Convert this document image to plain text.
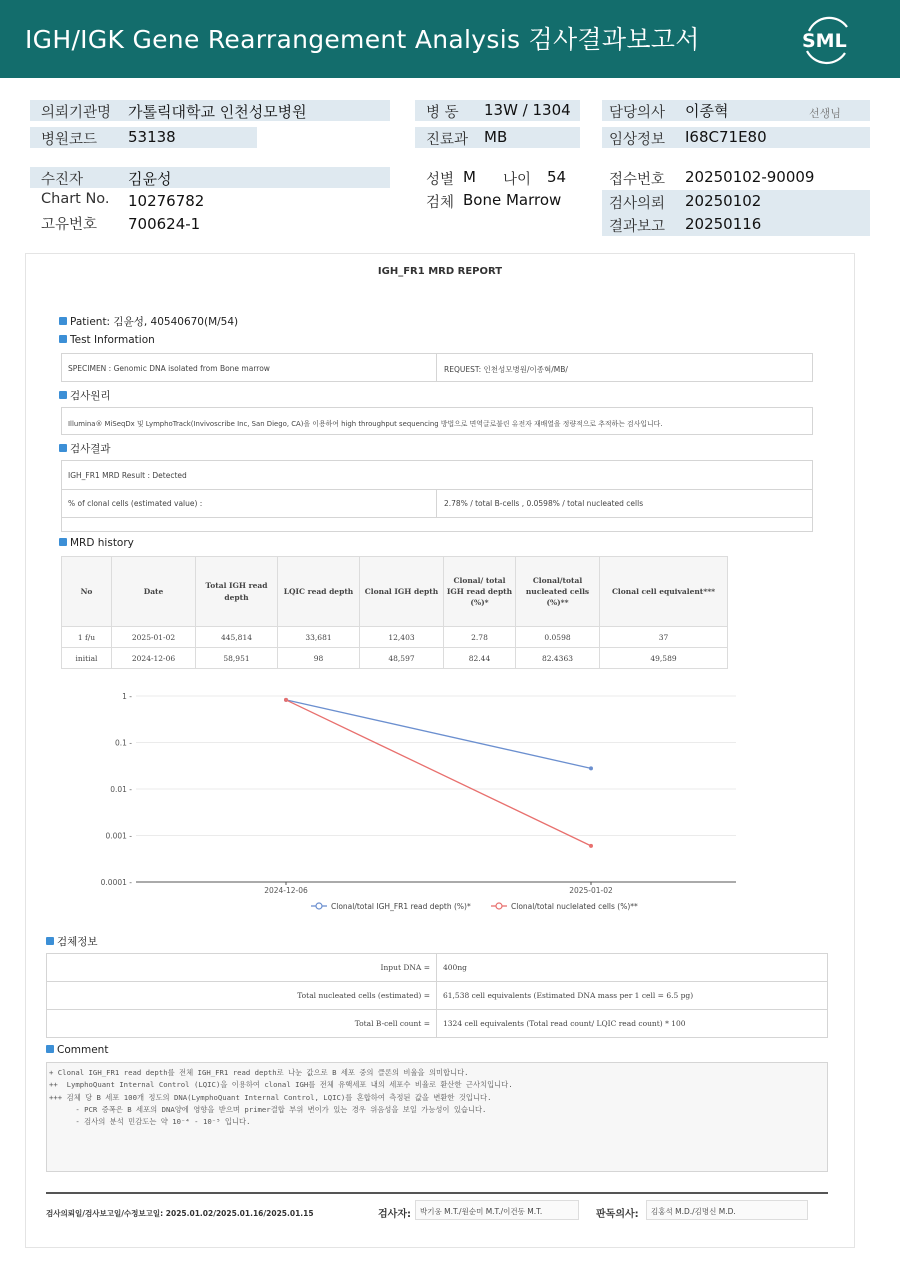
IGH/IGK Gene Rearrangement Analysis 검사결과보고서	SML
의뢰기관명 가톨릭대학교 인천성모병원
병원코드 53138
병 동 13W / 1304
진료과 MB
담당의사 이종혁	선생님
임상정보 I68C71E80
수진자	김윤성
Chart No. 10276782
고유번호 700624-1
성별 M 나이 54
검체 Bone Marrow
접수번호 20250102-90009
검사의뢰 20250102
결과보고 20250116
IGH_FR1 MRD REPORT
Patient: 김윤성, 40540670(M/54)
Test Information
SPECIMEN : Genomic DNA isolated from Bone marrow	REQUEST: 인천성모병원/이종혁/MB/
검사원리
Illumina® MiSeqDx 및 LymphoTrack(Invivoscribe Inc, San Diego, CA)을 이용하여 high throughput sequencing 방법으로 면역글로불린 유전자 재배열을 정량적으로 추적하는 검사입니다.
검사결과
IGH_FR1 MRD Result : Detected
% of clonal cells (estimated value) :	2.78% / total B-cells , 0.0598% / total nucleated cells
MRD history
No	Date	Total IGH read depth	LQIC read depth	Clonal IGH depth	Clonal/ total IGH read depth (%)*	Clonal/total nucleated cells (%)**	Clonal cell equivalent***
1 f/u	2025-01-02	445,814	33,681	12,403	2.78	0.0598	37
initial	2024-12-06	58,951	98	48,597	82.44	82.4363	49,589
0.0001 -
0.001 -
0.01 -
0.1 -
1 -
2024-12-06	2025-01-02
Clonal/total IGH_FR1 read depth (%)*	Clonal/total nuclelated cells (%)**
검체정보
Input DNA =	400ng
Total nucleated cells (estimated) =	61,538 cell equivalents (Estimated DNA mass per 1 cell = 6.5 pg)
Total B-cell count =	1324 cell equivalents (Total read count/ LQIC read count) * 100
Comment
+ Clonal IGH_FR1 read depth를 전체 IGH_FR1 read depth로 나눈 값으로 B 세포 중의 클론의 비율을 의미합니다.
++  LymphoQuant Internal Control (LQIC)을 이용하여 clonal IGH를 전체 유핵세포 내의 세포수 비율로 환산한 근사치입니다.
+++ 검체 당 B 세포 100개 정도의 DNA(LymphoQuant Internal Control, LQIC)를 혼합하여 측정된 값을 변환한 것입니다.
- PCR 증폭은 B 세포의 DNA양에 영향을 받으며 primer결합 부위 변이가 있는 경우 위음성을 보일 가능성이 있습니다.
- 검사의 분석 민감도는 약 10⁻⁴ - 10⁻⁵ 입니다.
검사의뢰일/검사보고일/수정보고일: 2025.01.02/2025.01.16/2025.01.15	검사자:	박기웅 M.T./원순미 M.T./이건동 M.T.	판독의사:	김홍석 M.D./김명신 M.D.
